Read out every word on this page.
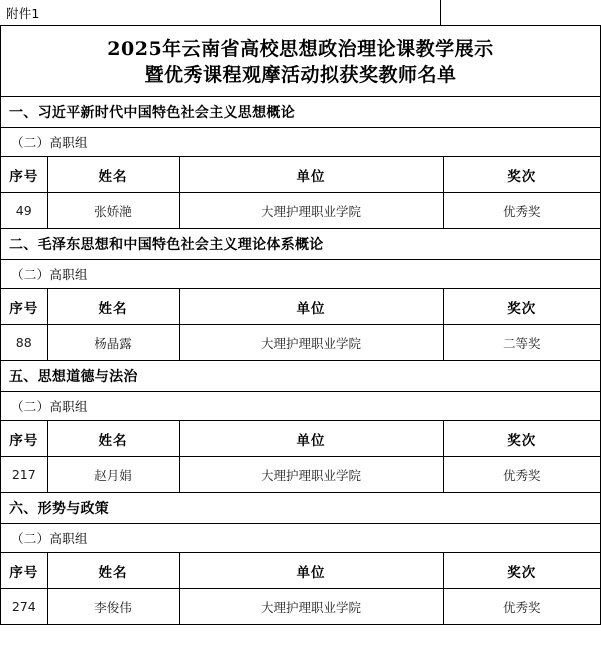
附件1
2025年云南省高校思想政治理论课教学展示
暨优秀课程观摩活动拟获奖教师名单
一、习近平新时代中国特色社会主义思想概论
（二）高职组
序号	姓名	单位	奖次
49	张娇滟	大理护理职业学院	优秀奖
二、毛泽东思想和中国特色社会主义理论体系概论
（二）高职组
序号	姓名	单位	奖次
88	杨晶露	大理护理职业学院	二等奖
五、思想道德与法治
（二）高职组
序号	姓名	单位	奖次
217	赵月娟	大理护理职业学院	优秀奖
六、形势与政策
（二）高职组
序号	姓名	单位	奖次
274	李俊伟	大理护理职业学院	优秀奖
